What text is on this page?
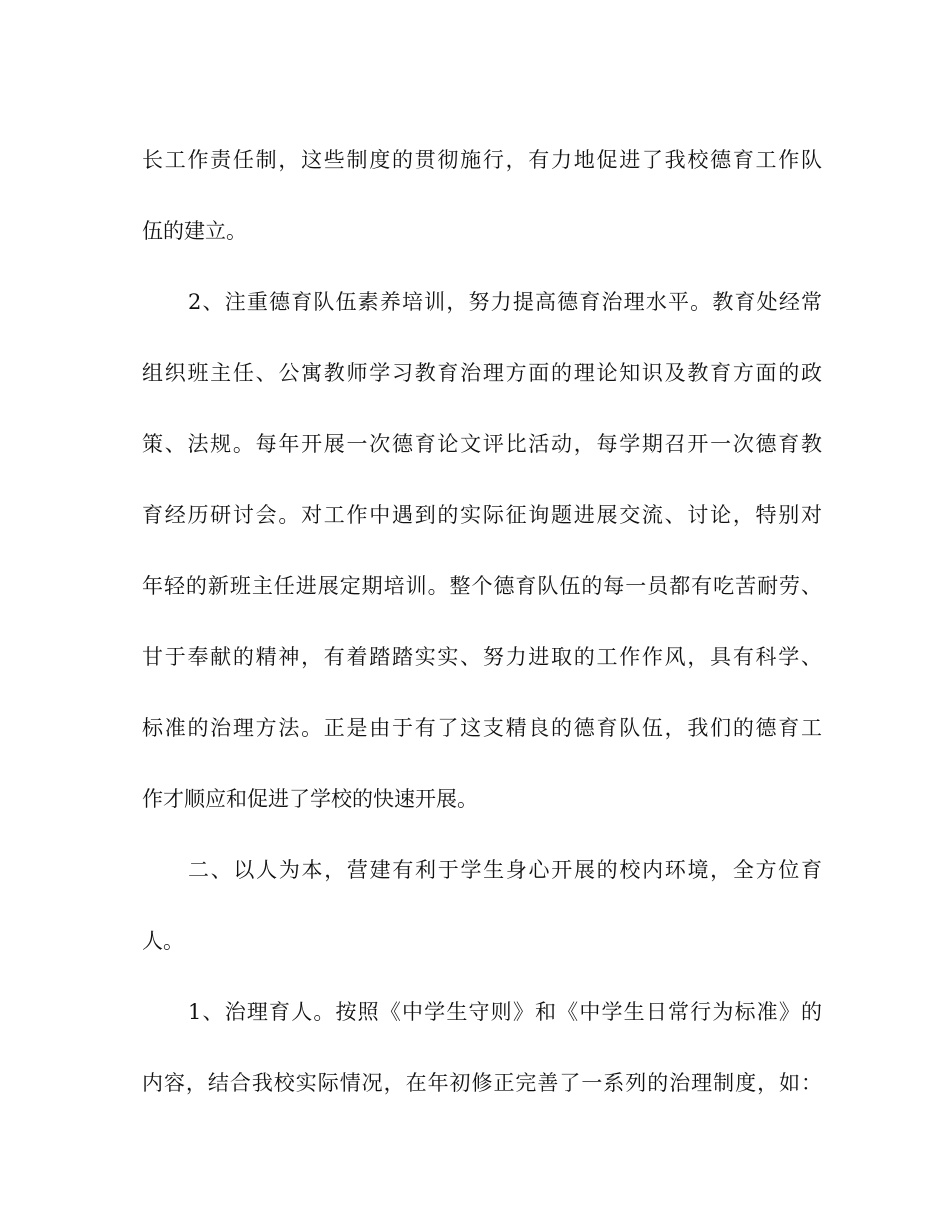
长工作责任制，这些制度的贯彻施行，有力地促进了我校德育工作队
伍的建立。
2、注重德育队伍素养培训，努力提高德育治理水平。教育处经常
组织班主任、公寓教师学习教育治理方面的理论知识及教育方面的政
策、法规。每年开展一次德育论文评比活动，每学期召开一次德育教
育经历研讨会。对工作中遇到的实际征询题进展交流、讨论，特别对
年轻的新班主任进展定期培训。整个德育队伍的每一员都有吃苦耐劳、
甘于奉献的精神，有着踏踏实实、努力进取的工作作风，具有科学、
标准的治理方法。正是由于有了这支精良的德育队伍，我们的德育工
作才顺应和促进了学校的快速开展。
二、以人为本，营建有利于学生身心开展的校内环境，全方位育
人。
1、治理育人。按照《中学生守则》和《中学生日常行为标准》的
内容，结合我校实际情况，在年初修正完善了一系列的治理制度，如：
